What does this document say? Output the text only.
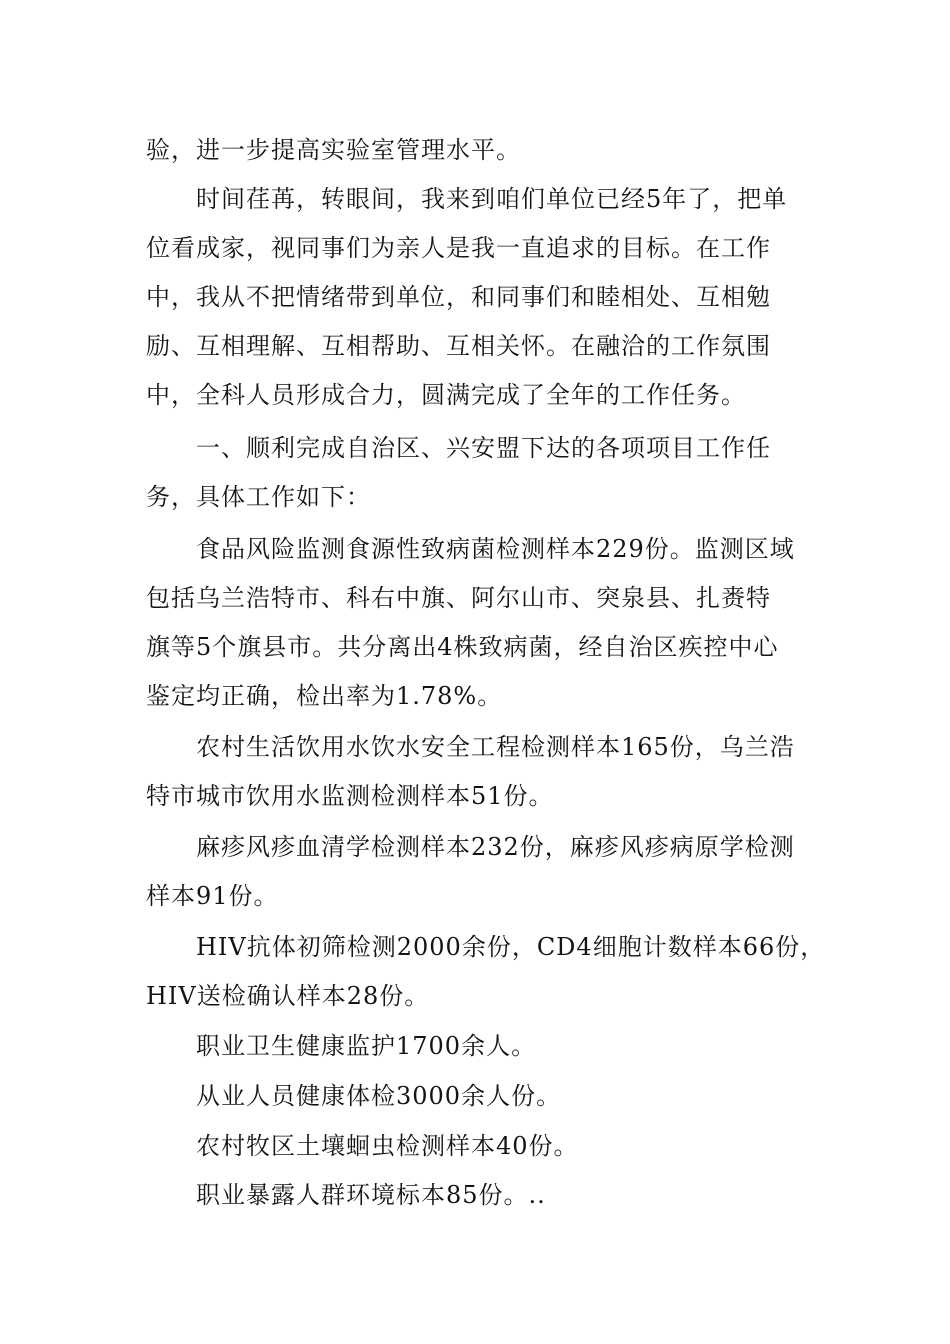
验，进一步提高实验室管理水平。
时间荏苒，转眼间，我来到咱们单位已经5年了，把单
位看成家，视同事们为亲人是我一直追求的目标。在工作
中，我从不把情绪带到单位，和同事们和睦相处、互相勉
励、互相理解、互相帮助、互相关怀。在融洽的工作氛围
中，全科人员形成合力，圆满完成了全年的工作任务。
一、顺利完成自治区、兴安盟下达的各项项目工作任
务，具体工作如下：
食品风险监测食源性致病菌检测样本229份。监测区域
包括乌兰浩特市、科右中旗、阿尔山市、突泉县、扎赉特
旗等5个旗县市。共分离出4株致病菌，经自治区疾控中心
鉴定均正确，检出率为1.78%。
农村生活饮用水饮水安全工程检测样本165份，乌兰浩
特市城市饮用水监测检测样本51份。
麻疹风疹血清学检测样本232份，麻疹风疹病原学检测
样本91份。
HIV抗体初筛检测2000余份，CD4细胞计数样本66份，
HIV送检确认样本28份。
职业卫生健康监护1700余人。
从业人员健康体检3000余人份。
农村牧区土壤蛔虫检测样本40份。
职业暴露人群环境标本85份。..
